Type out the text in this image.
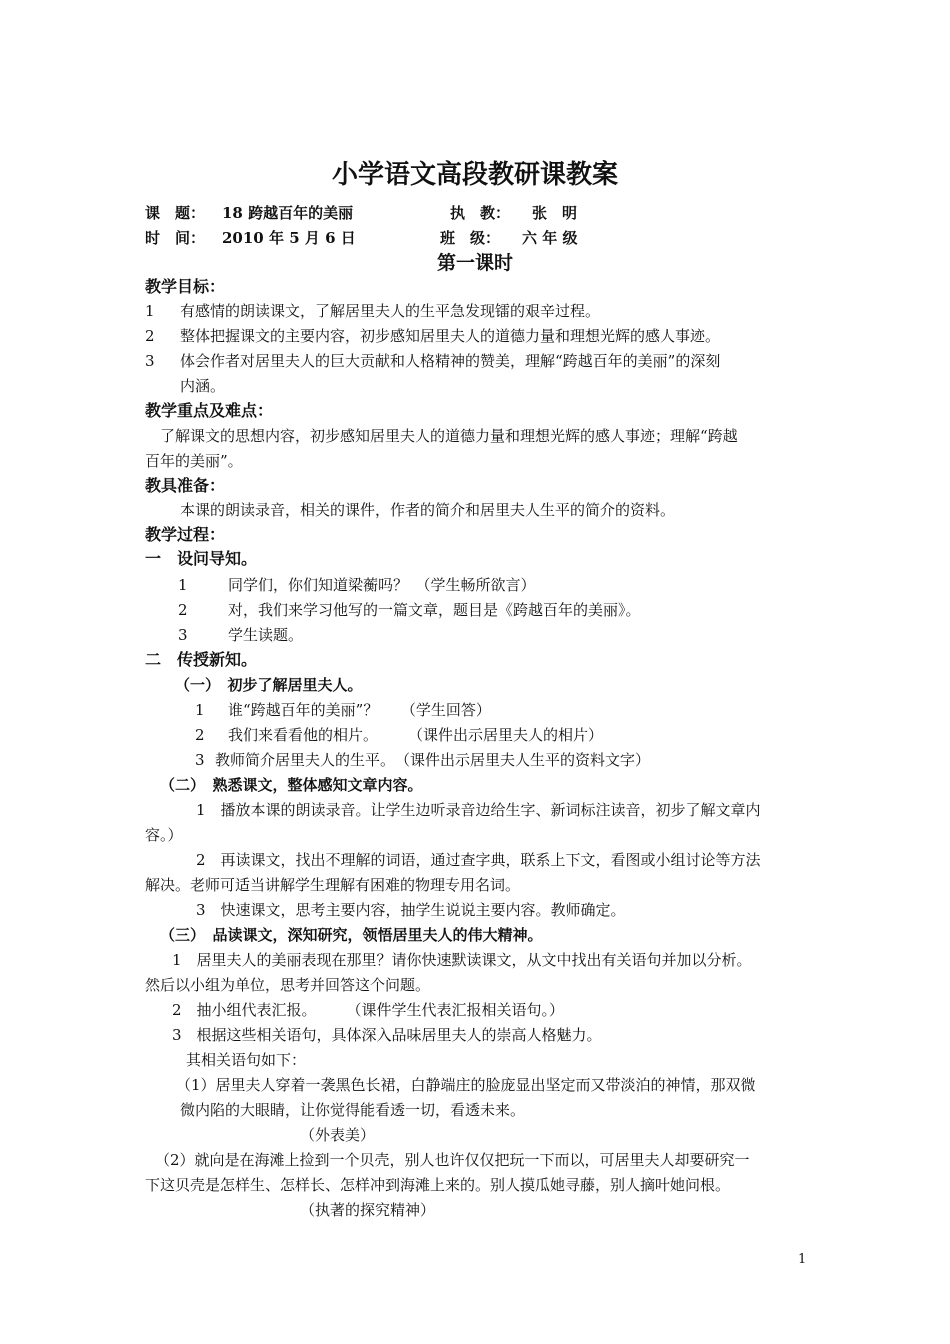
小学语文高段教研课教案
课　题： 18 跨越百年的美丽	执　教： 张　明
时　间： 2010 年 5 月 6 日	班　级： 六 年 级
第一课时
教学目标：
1 有感情的朗读课文，了解居里夫人的生平急发现镭的艰辛过程。
2 整体把握课文的主要内容，初步感知居里夫人的道德力量和理想光辉的感人事迹。
3 体会作者对居里夫人的巨大贡献和人格精神的赞美，理解“跨越百年的美丽”的深刻
内涵。
教学重点及难点：
了解课文的思想内容，初步感知居里夫人的道德力量和理想光辉的感人事迹；理解“跨越
百年的美丽”。
教具准备：
本课的朗读录音，相关的课件，作者的简介和居里夫人生平的简介的资料。
教学过程：
一　设问导知。
1	同学们，你们知道梁蘅吗？　（学生畅所欲言）
2	对，我们来学习他写的一篇文章，题目是《跨越百年的美丽》。
3	学生读题。
二　传授新知。
（一）　初步了解居里夫人。
1 谁“跨越百年的美丽”？　　（学生回答）
2 我们来看看他的相片。　　　（课件出示居里夫人的相片）
3 教师简介居里夫人的生平。　（课件出示居里夫人生平的资料文字）
（二）　熟悉课文，整体感知文章内容。
1　播放本课的朗读录音。让学生边听录音边给生字、新词标注读音，初步了解文章内
容。）
2　再读课文，找出不理解的词语，通过查字典，联系上下文，看图或小组讨论等方法
解决。老师可适当讲解学生理解有困难的物理专用名词。
3　快速课文，思考主要内容，抽学生说说主要内容。教师确定。
（三）　品读课文，深知研究，领悟居里夫人的伟大精神。
1　居里夫人的美丽表现在那里？请你快速默读课文，从文中找出有关语句并加以分析。
然后以小组为单位，思考并回答这个问题。
2　抽小组代表汇报。　　　（课件学生代表汇报相关语句。）
3　根据这些相关语句，具体深入品味居里夫人的崇高人格魅力。
其相关语句如下：
（1）居里夫人穿着一袭黑色长裙，白静端庄的脸庞显出坚定而又带淡泊的神情，那双微
微内陷的大眼睛，让你觉得能看透一切，看透未来。
（外表美）
（2）就向是在海滩上捡到一个贝壳，别人也许仅仅把玩一下而以，可居里夫人却要研究一
下这贝壳是怎样生、怎样长、怎样冲到海滩上来的。别人摸瓜她寻藤，别人摘叶她问根。
（执著的探究精神）
1
